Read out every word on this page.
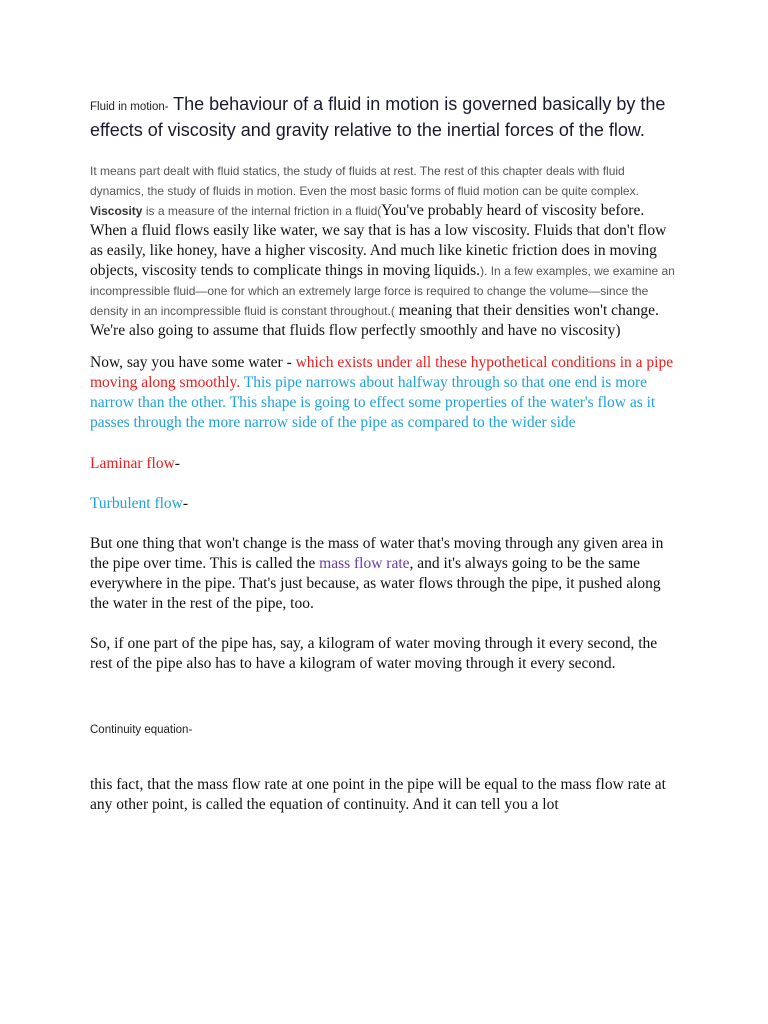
Fluid in motion- The behaviour of a fluid in motion is governed basically by the effects of viscosity and gravity relative to the inertial forces of the flow.

It means part dealt with fluid statics, the study of fluids at rest. The rest of this chapter deals with fluid dynamics, the study of fluids in motion. Even the most basic forms of fluid motion can be quite complex. Viscosity is a measure of the internal friction in a fluid(You've probably heard of viscosity before. When a fluid flows easily like water, we say that is has a low viscosity. Fluids that don't flow as easily, like honey, have a higher viscosity. And much like kinetic friction does in moving objects, viscosity tends to complicate things in moving liquids.). In a few examples, we examine an incompressible fluid—one for which an extremely large force is required to change the volume—since the density in an incompressible fluid is constant throughout.( meaning that their densities won't change. We're also going to assume that fluids flow perfectly smoothly and have no viscosity)

Now, say you have some water - which exists under all these hypothetical conditions in a pipe moving along smoothly. This pipe narrows about halfway through so that one end is more narrow than the other. This shape is going to effect some properties of the water's flow as it passes through the more narrow side of the pipe as compared to the wider side

Laminar flow-

Turbulent flow-

But one thing that won't change is the mass of water that's moving through any given area in the pipe over time. This is called the mass flow rate, and it's always going to be the same everywhere in the pipe. That's just because, as water flows through the pipe, it pushed along the water in the rest of the pipe, too.

So, if one part of the pipe has, say, a kilogram of water moving through it every second, the rest of the pipe also has to have a kilogram of water moving through it every second.

Continuity equation-

this fact, that the mass flow rate at one point in the pipe will be equal to the mass flow rate at any other point, is called the equation of continuity. And it can tell you a lot
